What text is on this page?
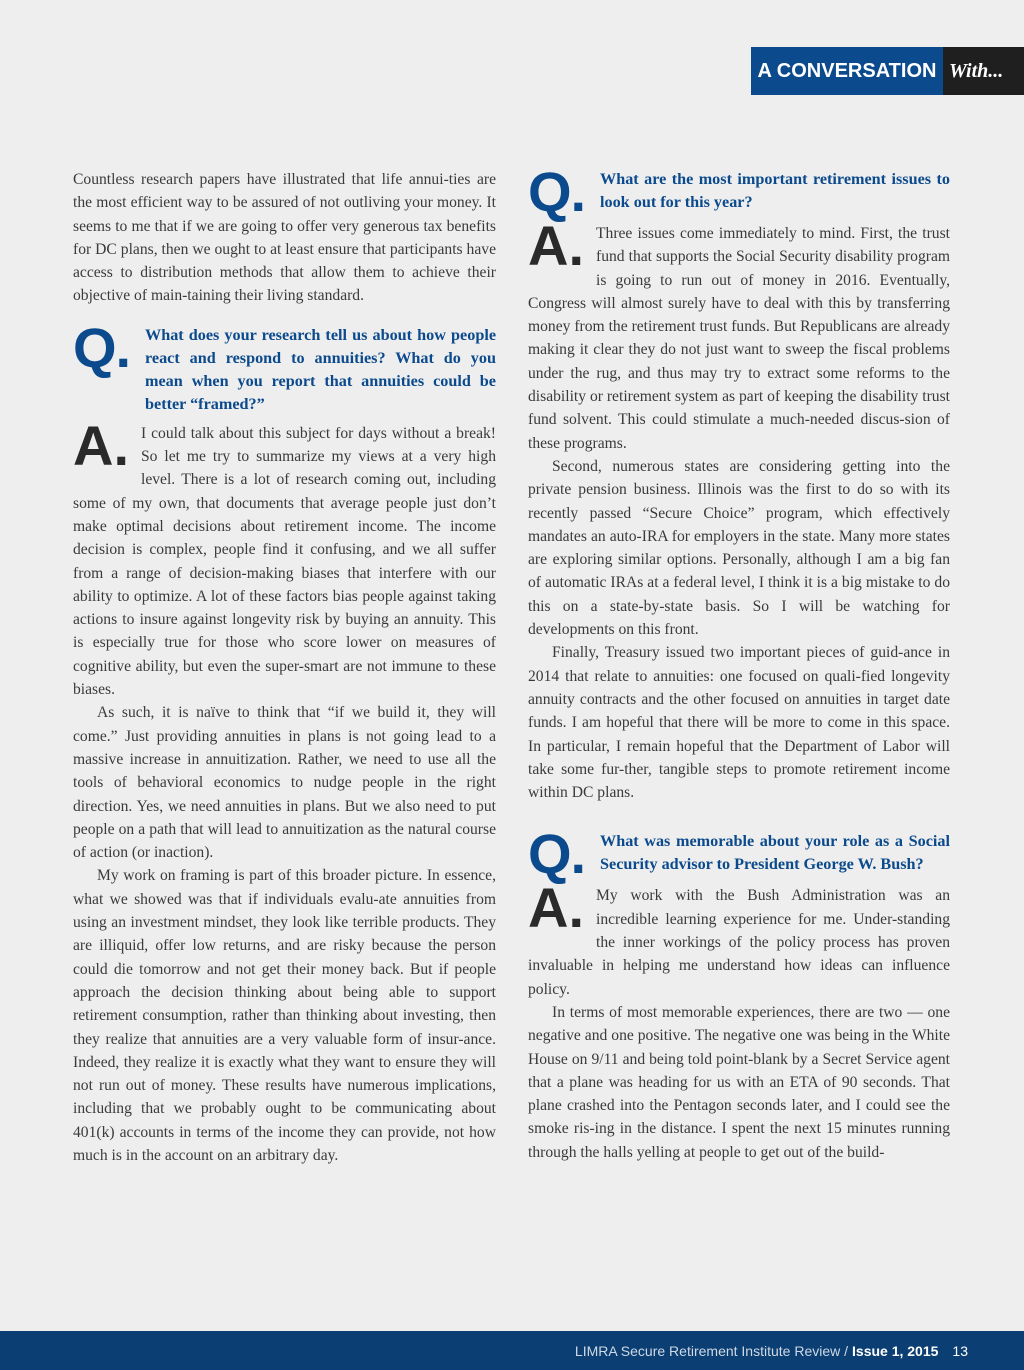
A CONVERSATION With...

Countless research papers have illustrated that life annui-ties are the most efficient way to be assured of not outliving your money. It seems to me that if we are going to offer very generous tax benefits for DC plans, then we ought to at least ensure that participants have access to distribution methods that allow them to achieve their objective of main-taining their living standard.

Q. What does your research tell us about how people react and respond to annuities? What do you mean when you report that annuities could be better “framed?”

A. I could talk about this subject for days without a break! So let me try to summarize my views at a very high level. There is a lot of research coming out, including some of my own, that documents that average people just don’t make optimal decisions about retirement income. The income decision is complex, people find it confusing, and we all suffer from a range of decision-making biases that interfere with our ability to optimize. A lot of these factors bias people against taking actions to insure against longevity risk by buying an annuity. This is especially true for those who score lower on measures of cognitive ability, but even the super-smart are not immune to these biases.

As such, it is naïve to think that “if we build it, they will come.” Just providing annuities in plans is not going lead to a massive increase in annuitization. Rather, we need to use all the tools of behavioral economics to nudge people in the right direction. Yes, we need annuities in plans. But we also need to put people on a path that will lead to annuitization as the natural course of action (or inaction).

My work on framing is part of this broader picture. In essence, what we showed was that if individuals evalu-ate annuities from using an investment mindset, they look like terrible products. They are illiquid, offer low returns, and are risky because the person could die tomorrow and not get their money back. But if people approach the decision thinking about being able to support retirement consumption, rather than thinking about investing, then they realize that annuities are a very valuable form of insur-ance. Indeed, they realize it is exactly what they want to ensure they will not run out of money. These results have numerous implications, including that we probably ought to be communicating about 401(k) accounts in terms of the income they can provide, not how much is in the account on an arbitrary day.

Q. What are the most important retirement issues to look out for this year?

A. Three issues come immediately to mind. First, the trust fund that supports the Social Security disability program is going to run out of money in 2016. Eventually, Congress will almost surely have to deal with this by transferring money from the retirement trust funds. But Republicans are already making it clear they do not just want to sweep the fiscal problems under the rug, and thus may try to extract some reforms to the disability or retirement system as part of keeping the disability trust fund solvent. This could stimulate a much-needed discus-sion of these programs.

Second, numerous states are considering getting into the private pension business. Illinois was the first to do so with its recently passed “Secure Choice” program, which effectively mandates an auto-IRA for employers in the state. Many more states are exploring similar options. Personally, although I am a big fan of automatic IRAs at a federal level, I think it is a big mistake to do this on a state-by-state basis. So I will be watching for developments on this front.

Finally, Treasury issued two important pieces of guid-ance in 2014 that relate to annuities: one focused on quali-fied longevity annuity contracts and the other focused on annuities in target date funds. I am hopeful that there will be more to come in this space. In particular, I remain hopeful that the Department of Labor will take some fur-ther, tangible steps to promote retirement income within DC plans.

Q. What was memorable about your role as a Social Security advisor to President George W. Bush?

A. My work with the Bush Administration was an incredible learning experience for me. Under-standing the inner workings of the policy process has proven invaluable in helping me understand how ideas can influence policy.

In terms of most memorable experiences, there are two — one negative and one positive. The negative one was being in the White House on 9/11 and being told point-blank by a Secret Service agent that a plane was heading for us with an ETA of 90 seconds. That plane crashed into the Pentagon seconds later, and I could see the smoke ris-ing in the distance. I spent the next 15 minutes running through the halls yelling at people to get out of the build-

LIMRA Secure Retirement Institute Review / Issue 1, 2015 13
